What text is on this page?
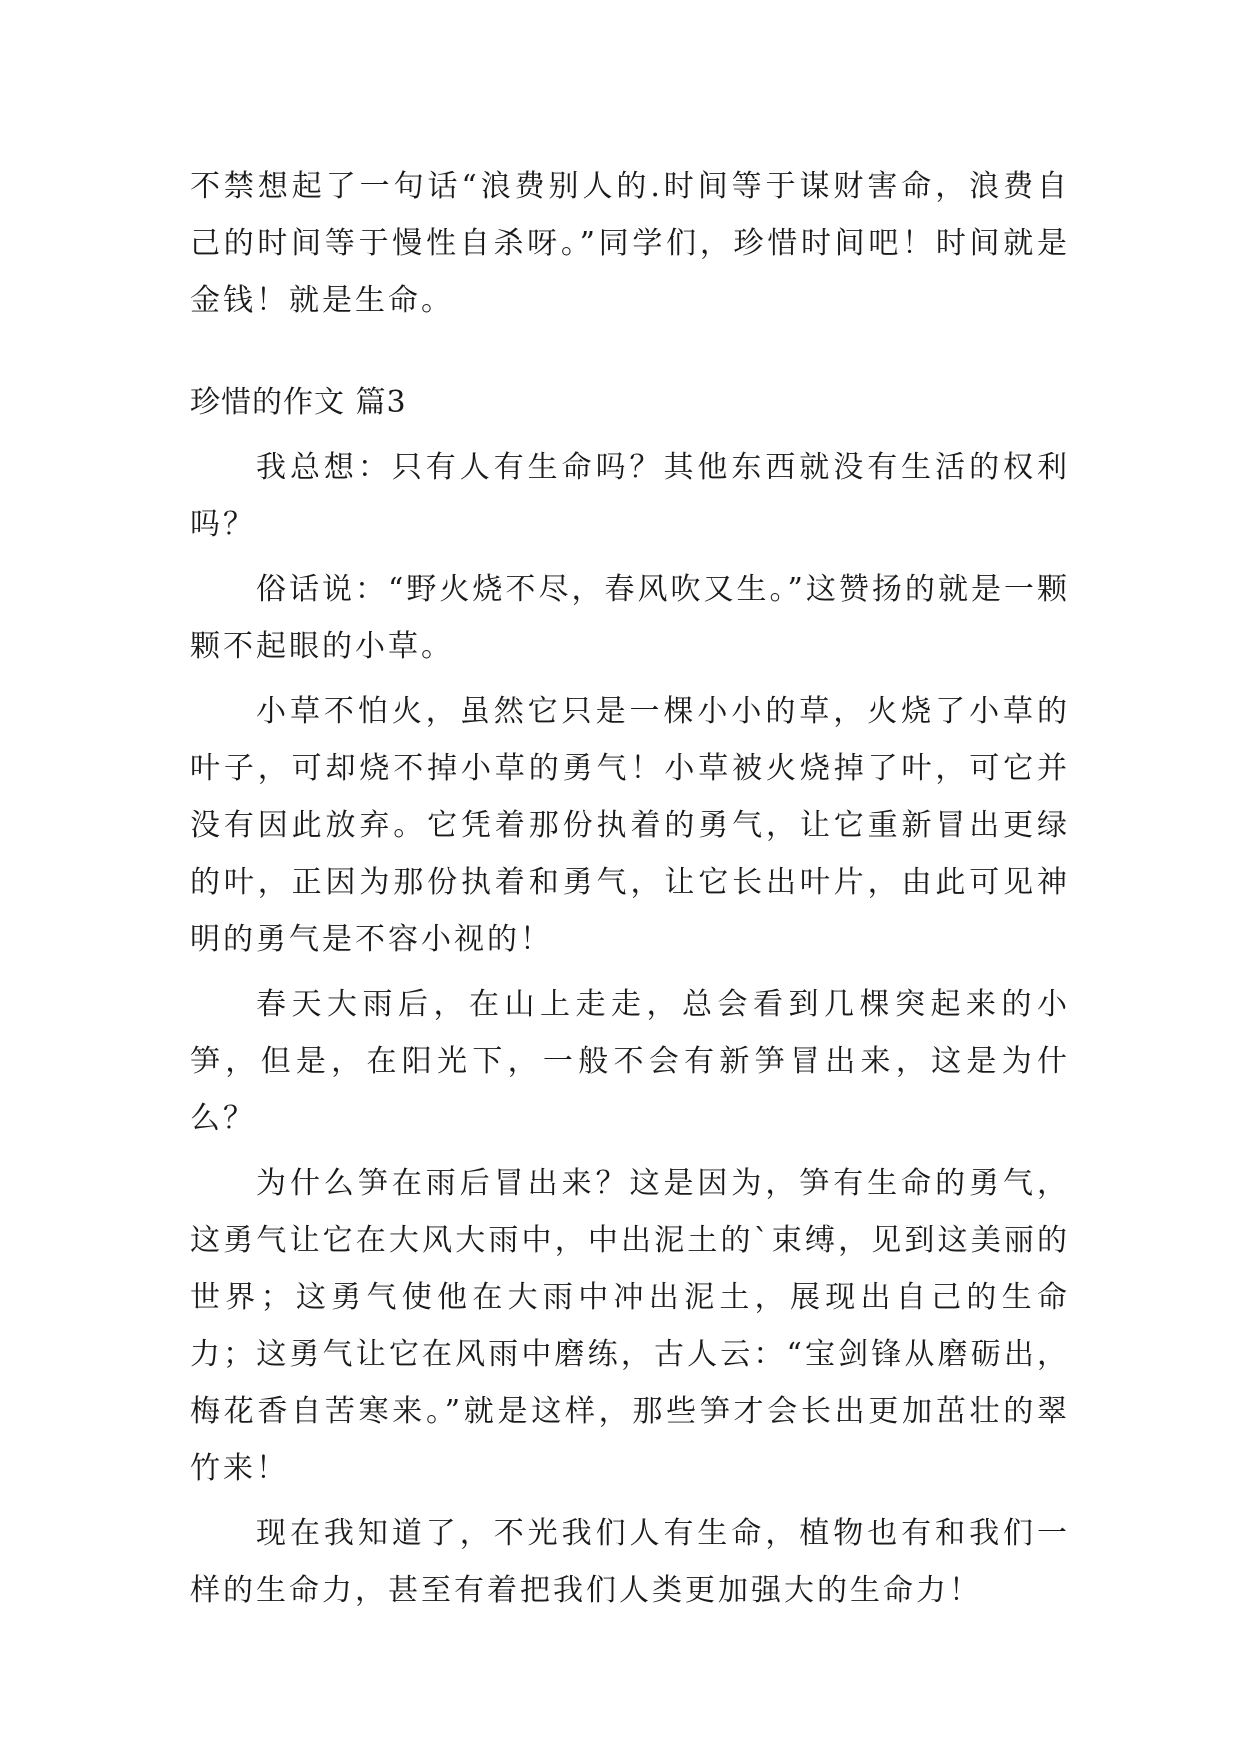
不禁想起了一句话“浪费别人的.时间等于谋财害命，浪费自己的时间等于慢性自杀呀。”同学们，珍惜时间吧！时间就是金钱！就是生命。

珍惜的作文 篇3

我总想：只有人有生命吗？其他东西就没有生活的权利吗？

俗话说：“野火烧不尽，春风吹又生。”这赞扬的就是一颗颗不起眼的小草。

小草不怕火，虽然它只是一棵小小的草，火烧了小草的叶子，可却烧不掉小草的勇气！小草被火烧掉了叶，可它并没有因此放弃。它凭着那份执着的勇气，让它重新冒出更绿的叶，正因为那份执着和勇气，让它长出叶片，由此可见神明的勇气是不容小视的！

春天大雨后，在山上走走，总会看到几棵突起来的小笋，但是，在阳光下，一般不会有新笋冒出来，这是为什么？

为什么笋在雨后冒出来？这是因为，笋有生命的勇气，这勇气让它在大风大雨中，中出泥土的`束缚，见到这美丽的世界；这勇气使他在大雨中冲出泥土，展现出自己的生命力；这勇气让它在风雨中磨练，古人云：“宝剑锋从磨砺出，梅花香自苦寒来。”就是这样，那些笋才会长出更加茁壮的翠竹来！

现在我知道了，不光我们人有生命，植物也有和我们一样的生命力，甚至有着把我们人类更加强大的生命力！
